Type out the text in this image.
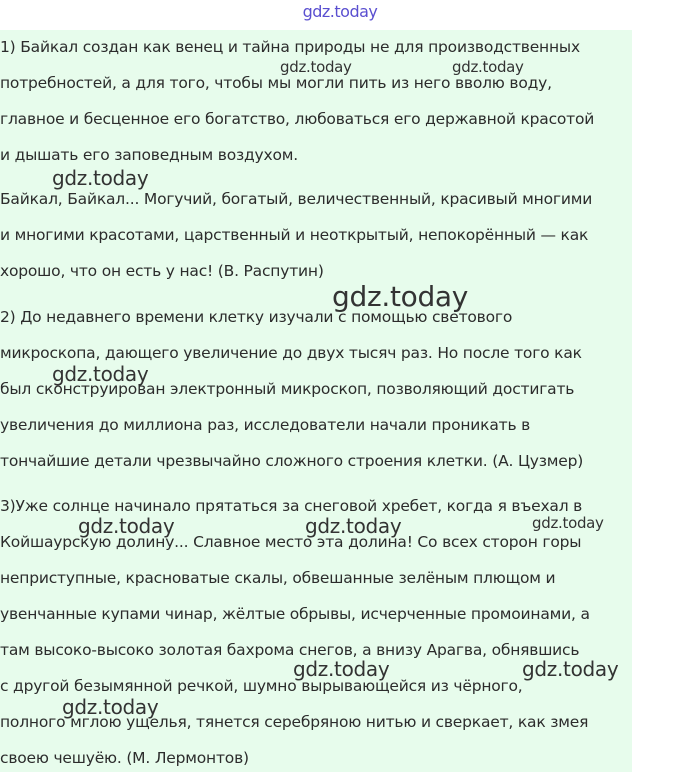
gdz.today
1) Байкал создан как венец и тайна природы не для производственных
потребностей, а для того, чтобы мы могли пить из него вволю воду,
главное и бесценное его богатство, любоваться его державной красотой
и дышать его заповедным воздухом.
Байкал, Байкал... Могучий, богатый, величественный, красивый многими
и многими красотами, царственный и неоткрытый, непокорённый — как
хорошо, что он есть у нас! (В. Распутин)
2) До недавнего времени клетку изучали с помощью светового
микроскопа, дающего увеличение до двух тысяч раз. Но после того как
был сконструирован электронный микроскоп, позволяющий достигать
увеличения до миллиона раз, исследователи начали проникать в
тончайшие детали чрезвычайно сложного строения клетки. (А. Цузмер)
3)Уже солнце начинало прятаться за снеговой хребет, когда я въехал в
Койшаурскую долину... Славное место эта долина! Со всех сторон горы
неприступные, красноватые скалы, обвешанные зелёным плющом и
увенчанные купами чинар, жёлтые обрывы, исчерченные промоинами, а
там высоко-высоко золотая бахрома снегов, а внизу Арагва, обнявшись
с другой безымянной речкой, шумно вырывающейся из чёрного,
полного мглою ущелья, тянется серебряною нитью и сверкает, как змея
своею чешуёю. (М. Лермонтов)
gdz.today	gdz.today
gdz.today
gdz.today
gdz.today
gdz.today	gdz.today	gdz.today
gdz.today	gdz.today
gdz.today
